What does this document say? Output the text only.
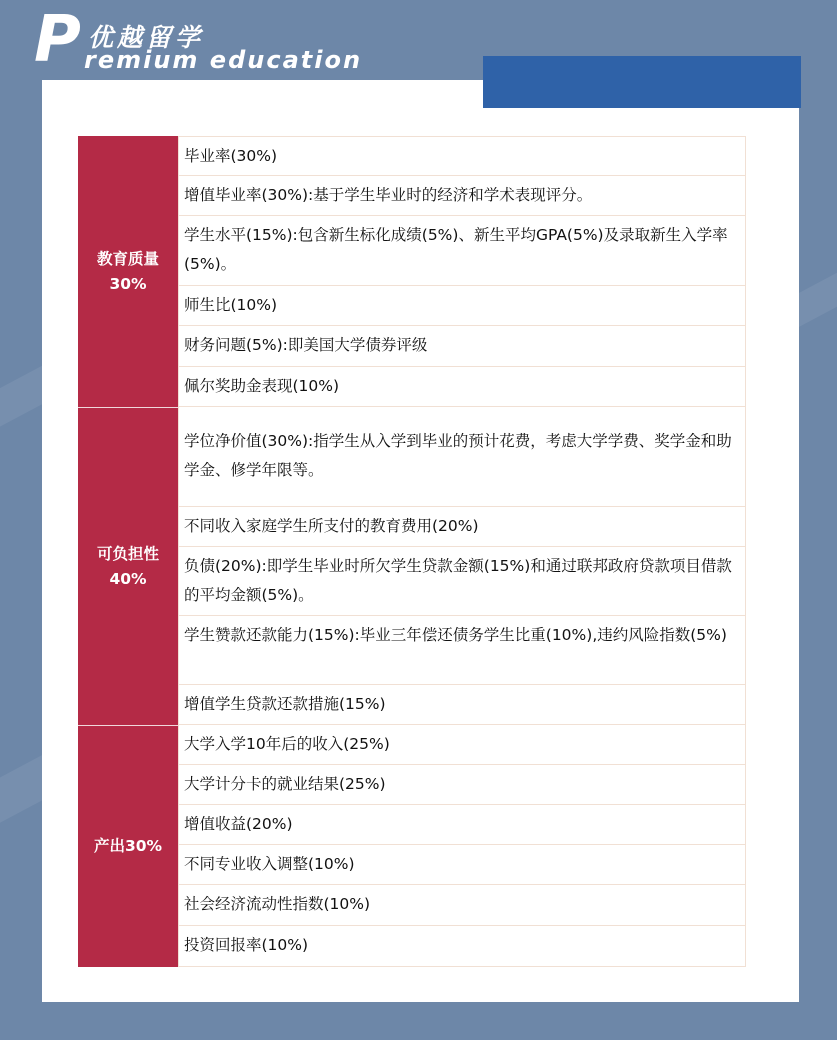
P 优越留学
remium education
教育质量
30%
可负担性
40%
产出30%
毕业率(30%)
增值毕业率(30%):基于学生毕业时的经济和学术表现评分。
学生水平(15%):包含新生标化成绩(5%)、新生平均GPA(5%)及录取新生入学率(5%)。
师生比(10%)
财务问题(5%):即美国大学债券评级
佩尔奖助金表现(10%)
学位净价值(30%):指学生从入学到毕业的预计花费，考虑大学学费、奖学金和助学金、修学年限等。
不同收入家庭学生所支付的教育费用(20%)
负债(20%):即学生毕业时所欠学生贷款金额(15%)和通过联邦政府贷款项目借款的平均金额(5%)。
学生赞款还款能力(15%):毕业三年偿还债务学生比重(10%),违约风险指数(5%)
增值学生贷款还款措施(15%)
大学入学10年后的收入(25%)
大学计分卡的就业结果(25%)
增值收益(20%)
不同专业收入调整(10%)
社会经济流动性指数(10%)
投资回报率(10%)
